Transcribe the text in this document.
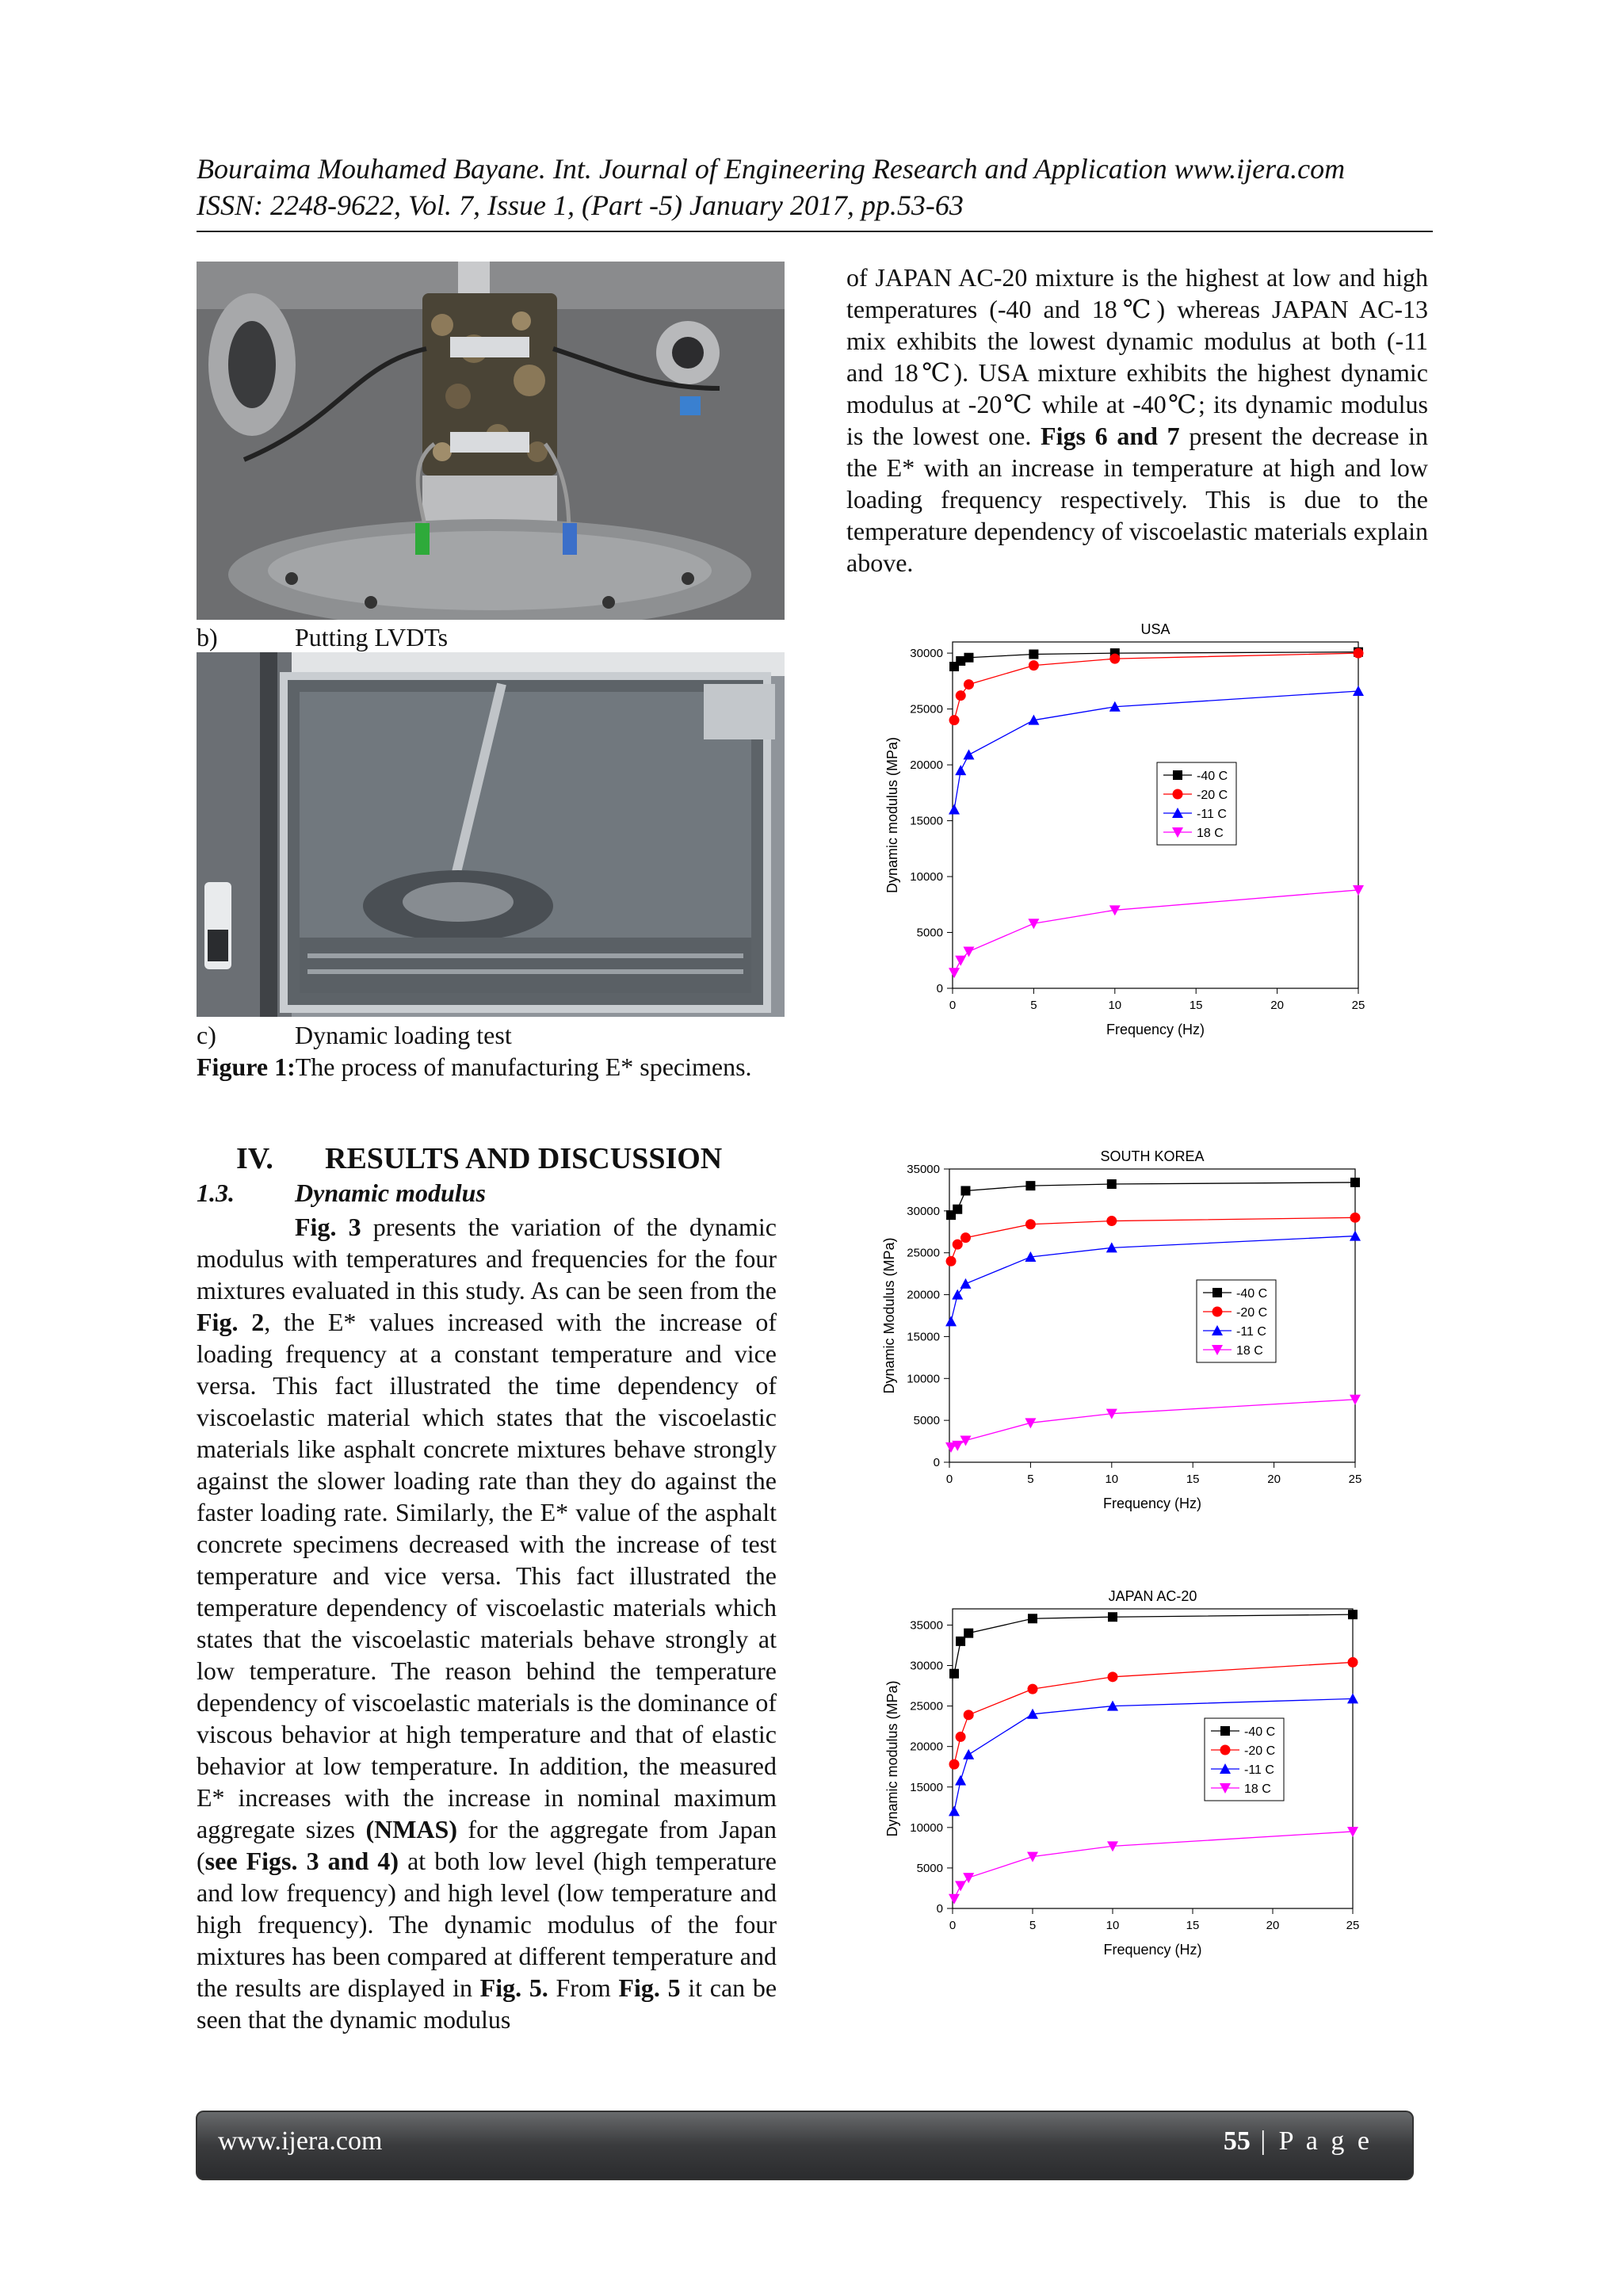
Bouraima Mouhamed Bayane. Int. Journal of Engineering Research and Application www.ijera.com
ISSN: 2248-9622, Vol. 7, Issue 1, (Part -5) January 2017, pp.53-63
b)	Putting LVDTs
c)	Dynamic loading test
Figure 1:The process of manufacturing E* specimens.
IV. RESULTS AND DISCUSSION
1.3. Dynamic modulus

Fig. 3 presents the variation of the dynamic modulus with temperatures and frequencies for the four mixtures evaluated in this study. As can be seen from the Fig. 2, the E* values increased with the increase of loading frequency at a constant temperature and vice versa. This fact illustrated the time dependency of viscoelastic material which states that the viscoelastic materials like asphalt concrete mixtures behave strongly against the slower loading rate than they do against the faster loading rate. Similarly, the E* value of the asphalt concrete specimens decreased with the increase of test temperature and vice versa. This fact illustrated the temperature dependency of viscoelastic materials which states that the viscoelastic materials behave strongly at low temperature. The reason behind the temperature dependency of viscoelastic materials is the dominance of viscous behavior at high temperature and that of elastic behavior at low temperature. In addition, the measured E* increases with the increase in nominal maximum aggregate sizes (NMAS) for the aggregate from Japan (see Figs. 3 and 4) at both low level (high temperature and low frequency) and high level (low temperature and high frequency). The dynamic modulus of the four mixtures has been compared at different temperature and the results are displayed in Fig. 5. From Fig. 5 it can be seen that the dynamic modulus

of JAPAN AC-20 mixture is the highest at low and high temperatures (-40 and 18℃) whereas JAPAN AC-13 mix exhibits the lowest dynamic modulus at both (-11 and 18℃). USA mixture exhibits the highest dynamic modulus at -20℃ while at -40℃; its dynamic modulus is the lowest one. Figs 6 and 7 present the decrease in the E* with an increase in temperature at high and low loading frequency respectively. This is due to the temperature dependency of viscoelastic materials explain above.

USA
0	5	10	15	20	25
0
5000
10000
15000
20000
25000
30000
Frequency (Hz)
Dynamic modulus (MPa)	-40 C
-20 C
-11 C
18 C
SOUTH KOREA
0	5	10	15	20	25
0
5000
10000
15000
20000
25000
30000
35000
Frequency (Hz)
Dynamic Modulus (MPa)	-40 C
-20 C
-11 C
18 C
JAPAN AC-20
0	5	10	15	20	25
0
5000
10000
15000
20000
25000
30000
35000
Frequency (Hz)
Dynamic modulus (MPa)	-40 C
-20 C
-11 C
18 C
www.ijera.com	55 | P a g e
